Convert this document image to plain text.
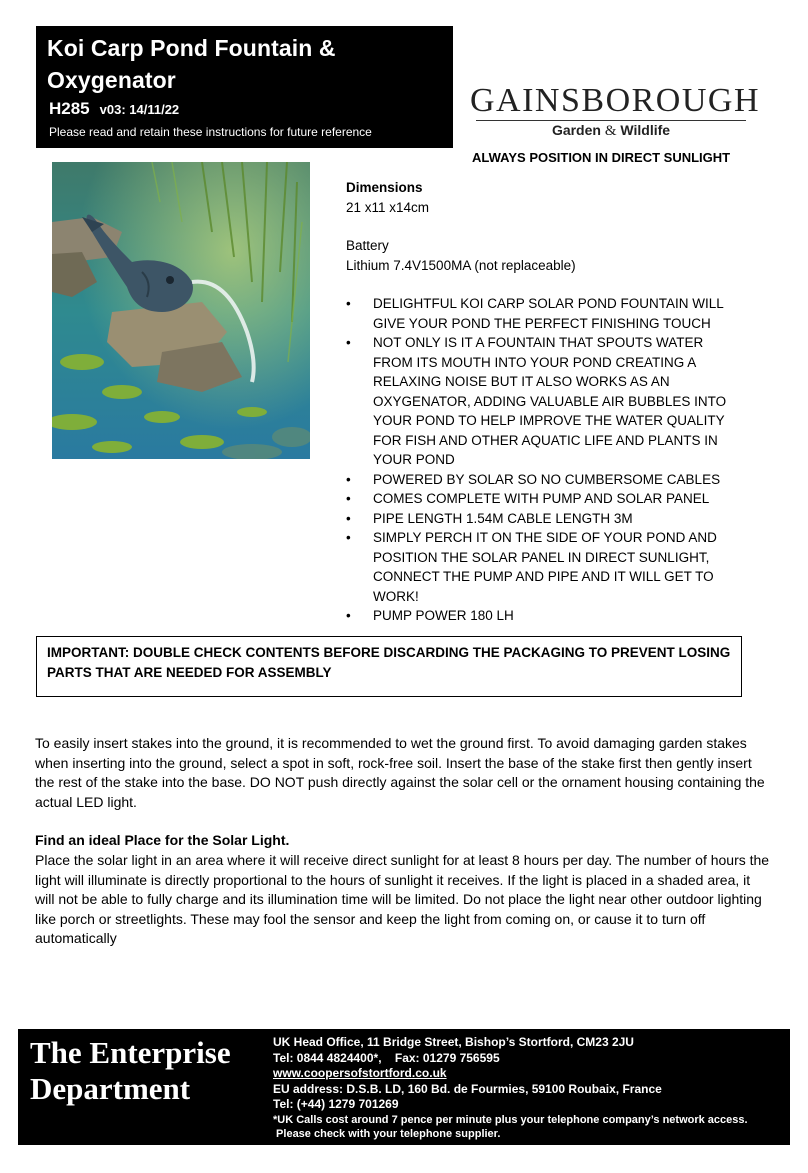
Koi Carp Pond Fountain &
Oxygenator
H285 v03: 14/11/22
Please read and retain these instructions for future reference
GAINSBOROUGH
Garden & Wildlife
ALWAYS POSITION IN DIRECT SUNLIGHT
Dimensions
21 x11 x14cm
Battery
Lithium 7.4V1500MA (not replaceable)
• DELIGHTFUL KOI CARP SOLAR POND FOUNTAIN WILL GIVE YOUR POND THE PERFECT FINISHING TOUCH
• NOT ONLY IS IT A FOUNTAIN THAT SPOUTS WATER FROM ITS MOUTH INTO YOUR POND CREATING A RELAXING NOISE BUT IT ALSO WORKS AS AN OXYGENATOR, ADDING VALUABLE AIR BUBBLES INTO YOUR POND TO HELP IMPROVE THE WATER QUALITY FOR FISH AND OTHER AQUATIC LIFE AND PLANTS IN YOUR POND
• POWERED BY SOLAR SO NO CUMBERSOME CABLES
• COMES COMPLETE WITH PUMP AND SOLAR PANEL
• PIPE LENGTH 1.54M CABLE LENGTH 3M
• SIMPLY PERCH IT ON THE SIDE OF YOUR POND AND POSITION THE SOLAR PANEL IN DIRECT SUNLIGHT, CONNECT THE PUMP AND PIPE AND IT WILL GET TO WORK!
• PUMP POWER 180 LH
IMPORTANT: DOUBLE CHECK CONTENTS BEFORE DISCARDING THE PACKAGING TO PREVENT LOSING PARTS THAT ARE NEEDED FOR ASSEMBLY
To easily insert stakes into the ground, it is recommended to wet the ground first. To avoid damaging garden stakes when inserting into the ground, select a spot in soft, rock-free soil. Insert the base of the stake first then gently insert the rest of the stake into the base. DO NOT push directly against the solar cell or the ornament housing containing the actual LED light.
Find an ideal Place for the Solar Light.
Place the solar light in an area where it will receive direct sunlight for at least 8 hours per day. The number of hours the light will illuminate is directly proportional to the hours of sunlight it receives. If the light is placed in a shaded area, it will not be able to fully charge and its illumination time will be limited. Do not place the light near other outdoor lighting like porch or streetlights. These may fool the sensor and keep the light from coming on, or cause it to turn off automatically
The Enterprise
Department
UK Head Office, 11 Bridge Street, Bishop’s Stortford, CM23 2JU
Tel: 0844 4824400*,    Fax: 01279 756595
www.coopersofstortford.co.uk
EU address: D.S.B. LD, 160 Bd. de Fourmies, 59100 Roubaix, France
Tel: (+44) 1279 701269
*UK Calls cost around 7 pence per minute plus your telephone company’s network access.
Please check with your telephone supplier.
